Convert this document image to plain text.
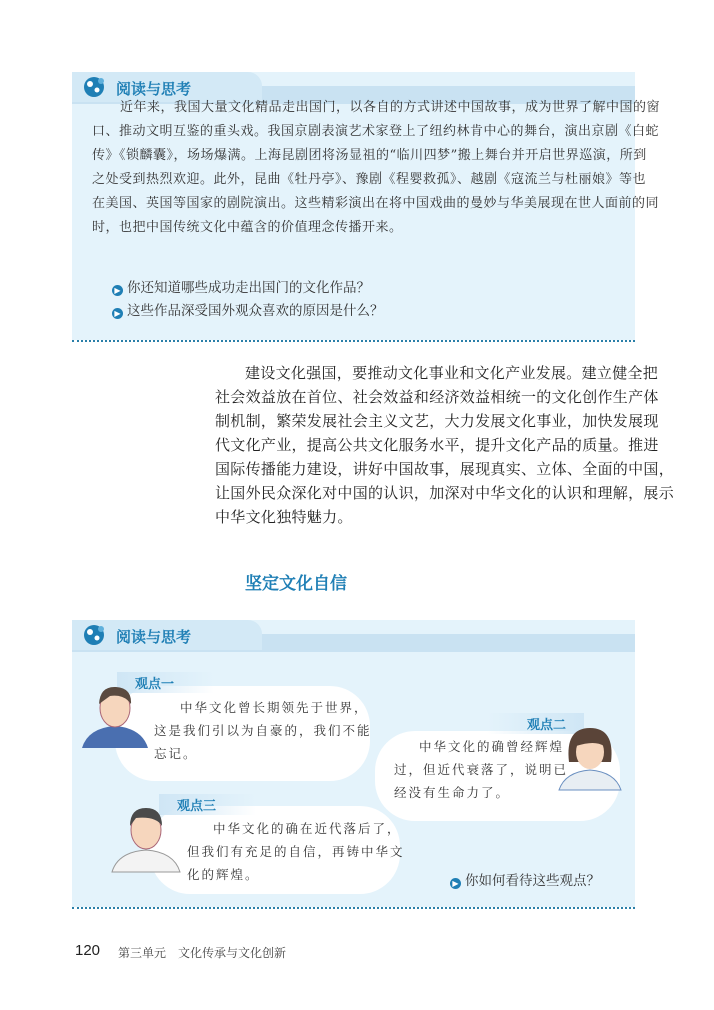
阅读与思考
近年来，我国大量文化精品走出国门，以各自的方式讲述中国故事，成为世界了解中国的窗
口、推动文明互鉴的重头戏。我国京剧表演艺术家登上了纽约林肯中心的舞台，演出京剧《白蛇
传》《锁麟囊》，场场爆满。上海昆剧团将汤显祖的“临川四梦”搬上舞台并开启世界巡演，所到
之处受到热烈欢迎。此外，昆曲《牡丹亭》、豫剧《程婴救孤》、越剧《寇流兰与杜丽娘》等也
在美国、英国等国家的剧院演出。这些精彩演出在将中国戏曲的曼妙与华美展现在世人面前的同
时，也把中国传统文化中蕴含的价值理念传播开来。
▶ 你还知道哪些成功走出国门的文化作品？
▶ 这些作品深受国外观众喜欢的原因是什么？
建设文化强国，要推动文化事业和文化产业发展。建立健全把
社会效益放在首位、社会效益和经济效益相统一的文化创作生产体
制机制，繁荣发展社会主义文艺，大力发展文化事业，加快发展现
代文化产业，提高公共文化服务水平，提升文化产品的质量。推进
国际传播能力建设，讲好中国故事，展现真实、立体、全面的中国，
让国外民众深化对中国的认识，加深对中华文化的认识和理解，展示
中华文化独特魅力。
坚定文化自信
阅读与思考
观点一
中华文化曾长期领先于世界，
这是我们引以为自豪的，我们不能
忘记。
观点二
中华文化的确曾经辉煌
过，但近代衰落了，说明已
经没有生命力了。
观点三
中华文化的确在近代落后了，
但我们有充足的自信，再铸中华文
化的辉煌。
▶ 你如何看待这些观点？
120 第三单元　文化传承与文化创新
